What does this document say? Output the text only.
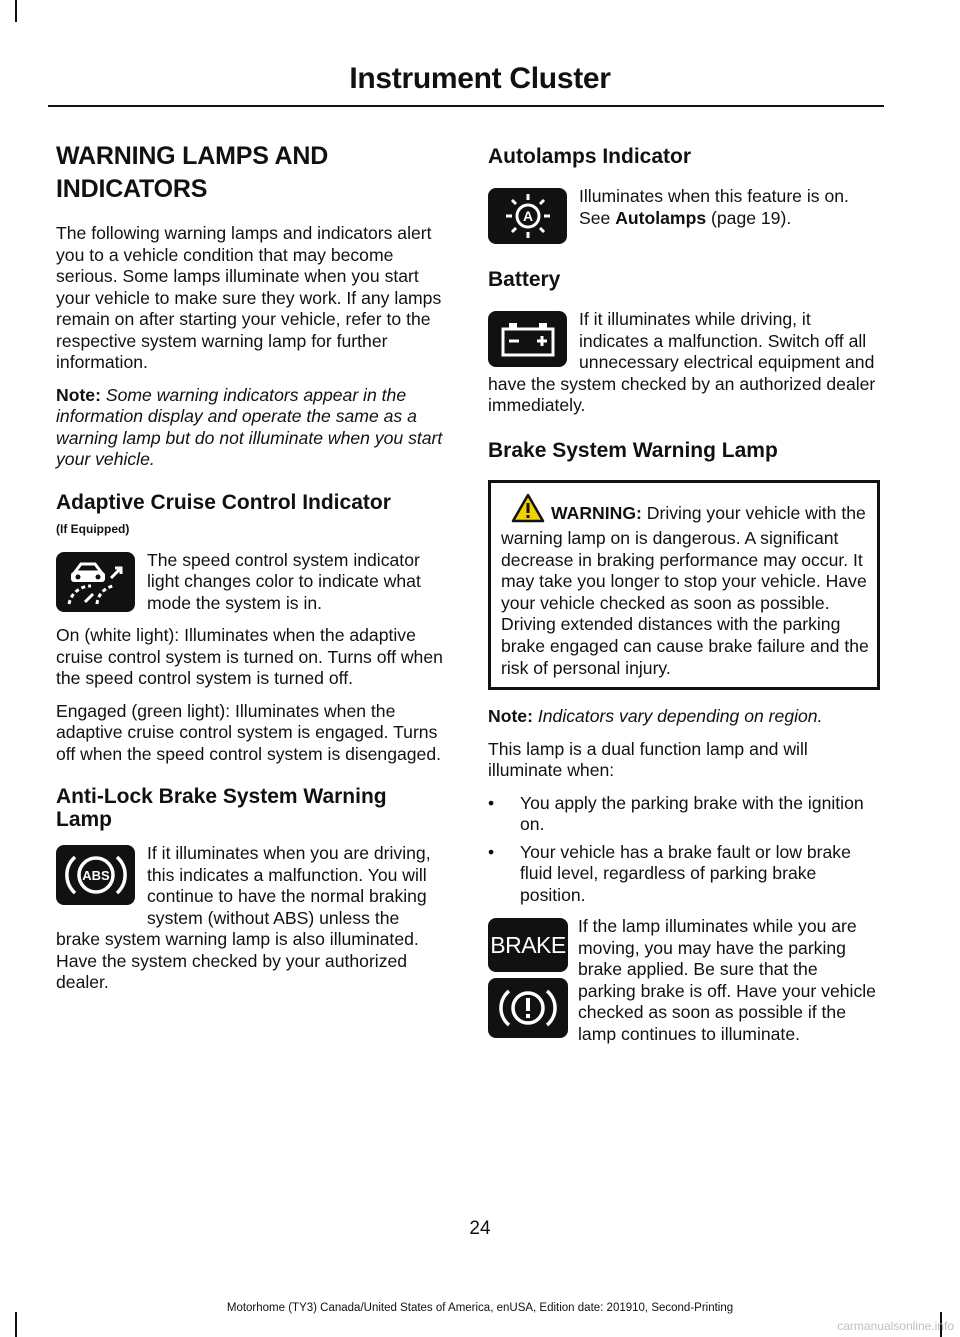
Instrument Cluster
WARNING LAMPS AND INDICATORS

The following warning lamps and indicators alert you to a vehicle condition that may become serious. Some lamps illuminate when you start your vehicle to make sure they work. If any lamps remain on after starting your vehicle, refer to the respective system warning lamp for further information.

Note: Some warning indicators appear in the information display and operate the same as a warning lamp but do not illuminate when you start your vehicle.

Adaptive Cruise Control Indicator
(If Equipped)

The speed control system indicator light changes color to indicate what mode the system is in.

On (white light): Illuminates when the adaptive cruise control system is turned on. Turns off when the speed control system is turned off.

Engaged (green light): Illuminates when the adaptive cruise control system is engaged. Turns off when the speed control system is disengaged.

Anti-Lock Brake System Warning Lamp

ABS
If it illuminates when you are driving, this indicates a malfunction. You will continue to have the normal braking system (without ABS) unless the brake system warning lamp is also illuminated. Have the system checked by your authorized dealer.

Autolamps Indicator

A
Illuminates when this feature is on. See Autolamps (page 19).

Battery

If it illuminates while driving, it indicates a malfunction. Switch off all unnecessary electrical equipment and have the system checked by an authorized dealer immediately.

Brake System Warning Lamp
WARNING: Driving your vehicle with the warning lamp on is dangerous. A significant decrease in braking performance may occur. It may take you longer to stop your vehicle. Have your vehicle checked as soon as possible. Driving extended distances with the parking brake engaged can cause brake failure and the risk of personal injury.

Note: Indicators vary depending on region.

This lamp is a dual function lamp and will illuminate when:

• You apply the parking brake with the ignition on.
• Your vehicle has a brake fault or low brake fluid level, regardless of parking brake position.
BRAKE

If the lamp illuminates while you are moving, you may have the parking brake applied. Be sure that the parking brake is off. Have your vehicle checked as soon as possible if the lamp continues to illuminate.

24
Motorhome (TY3) Canada/United States of America, enUSA, Edition date: 201910, Second-Printing
carmanualsonline.info
